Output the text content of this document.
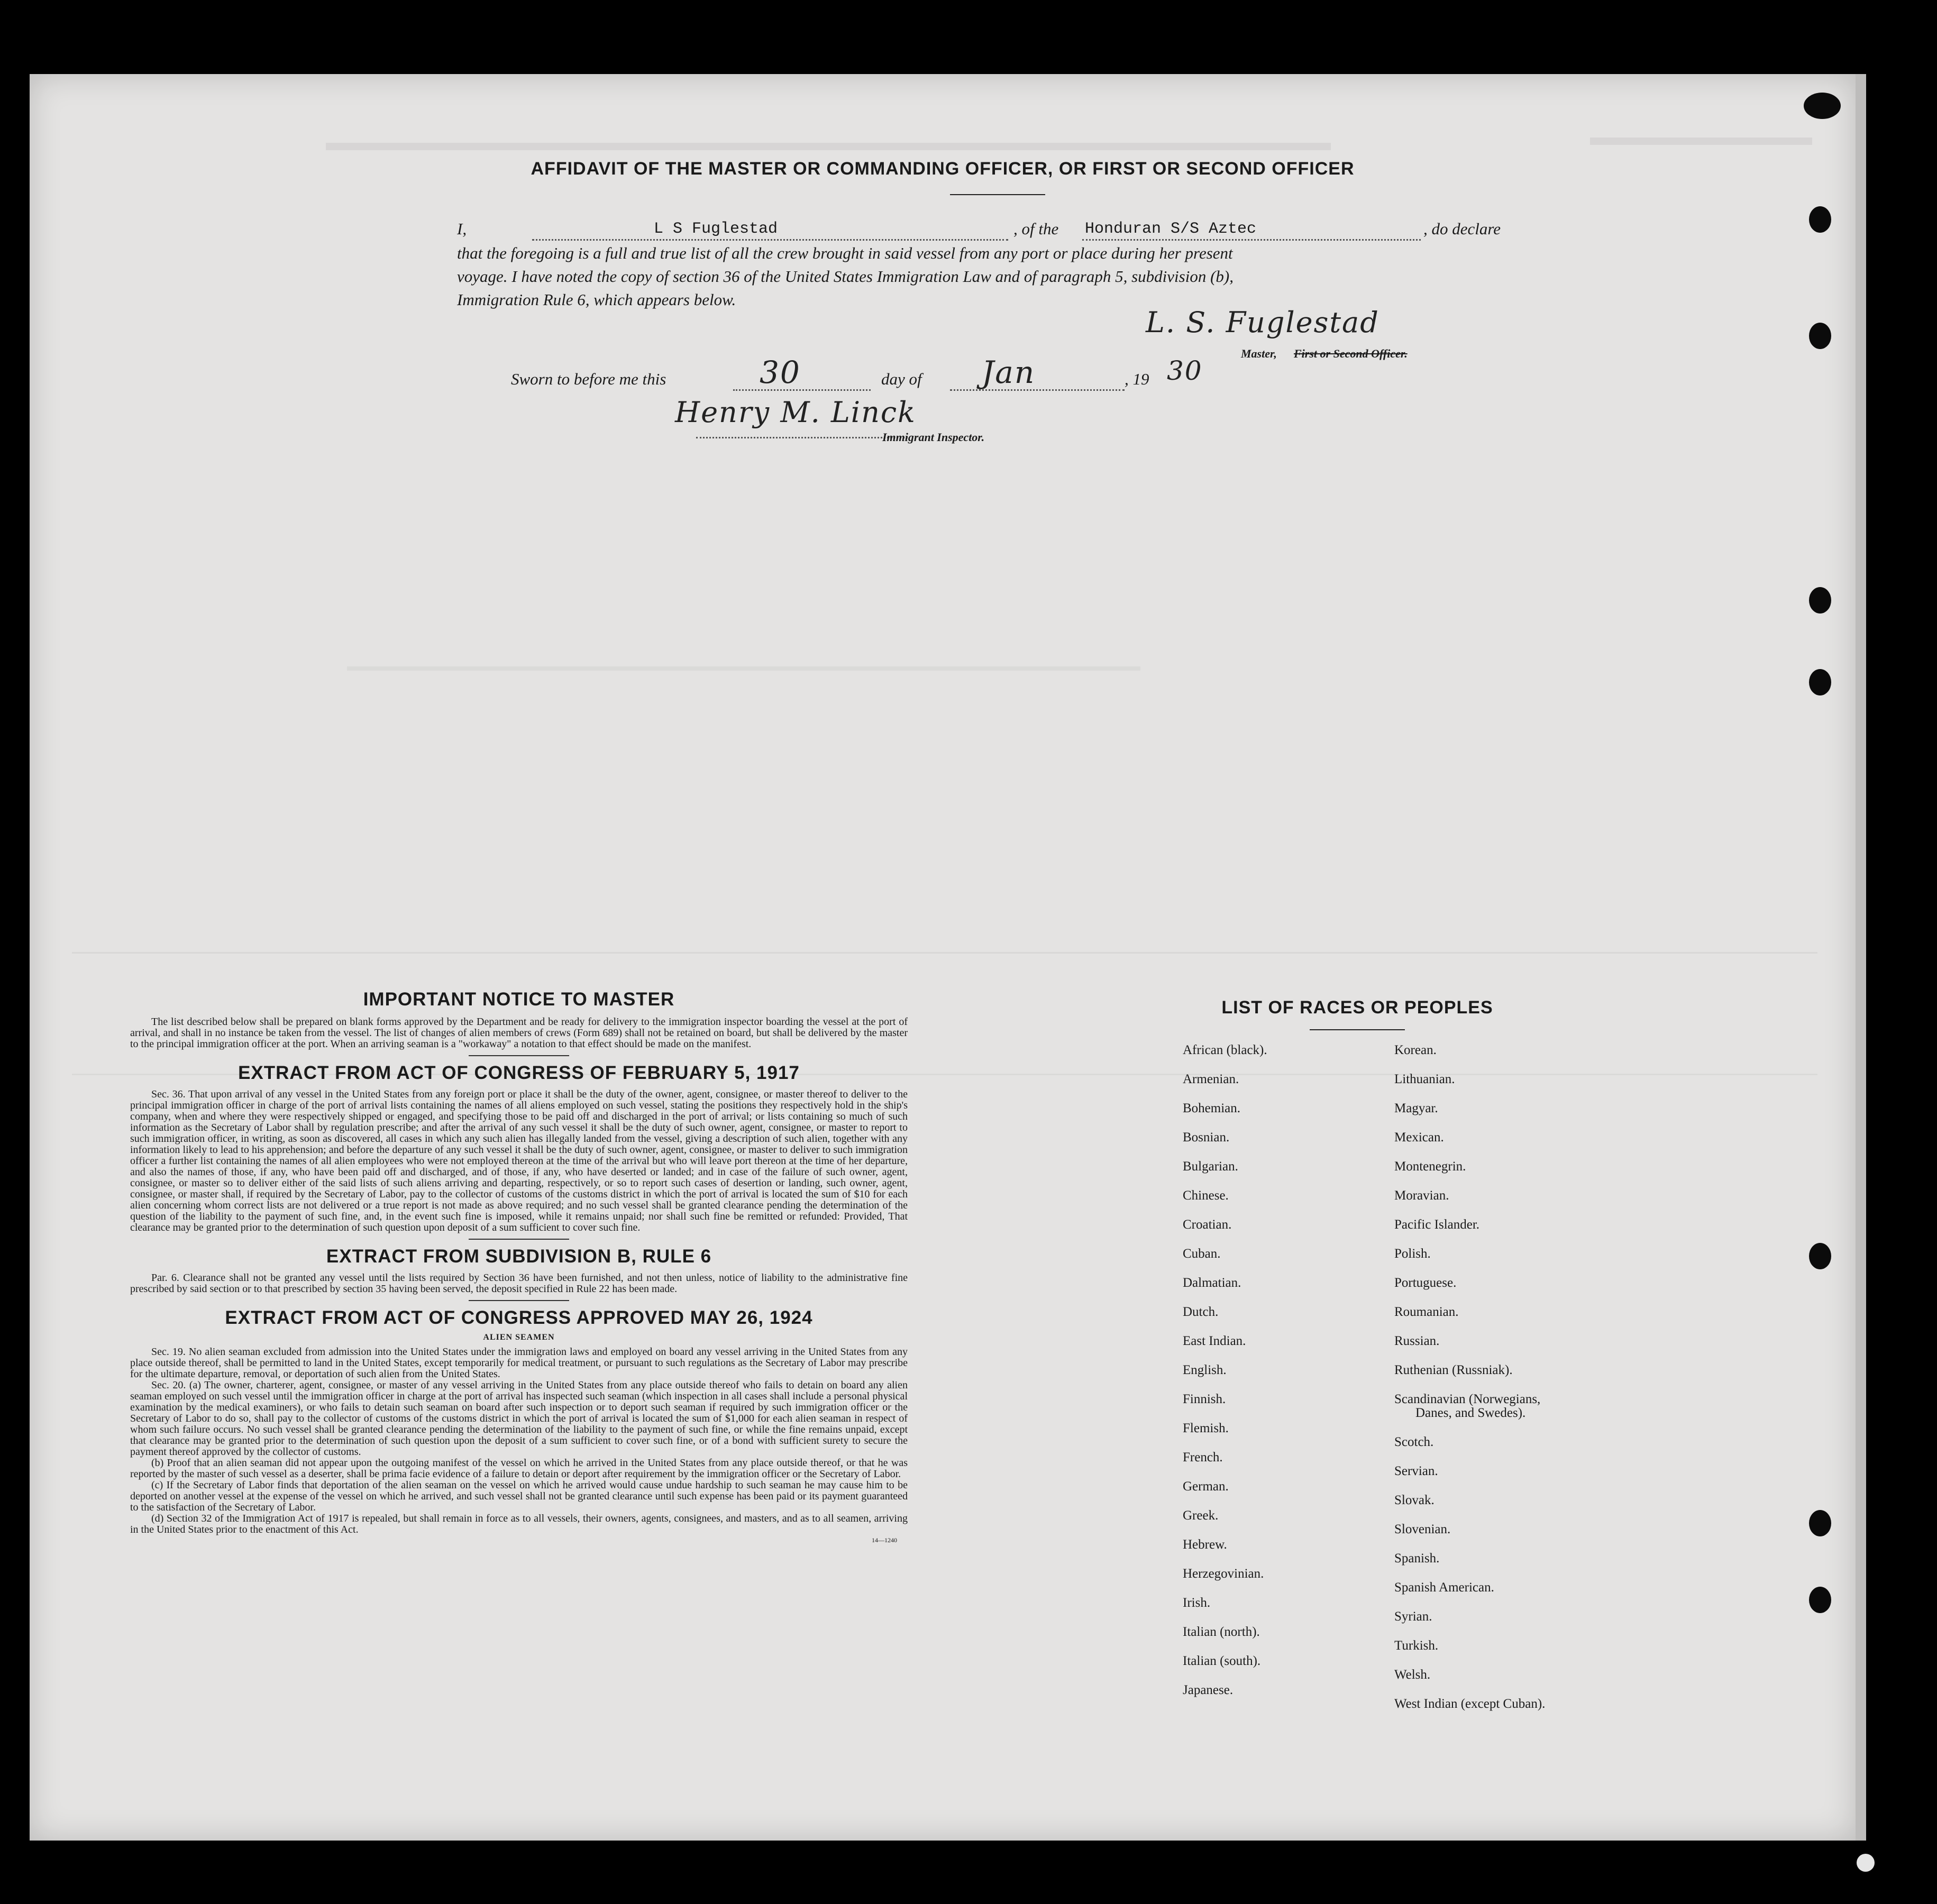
AFFIDAVIT OF THE MASTER OR COMMANDING OFFICER, OR FIRST OR SECOND OFFICER
I,	L S Fuglestad	, of the Honduran S/S Aztec	, do declare
that the foregoing is a full and true list of all the crew brought in said vessel from any port or place during her present
voyage. I have noted the copy of section 36 of the United States Immigration Law and of paragraph 5, subdivision (b),
Immigration Rule 6, which appears below.
L. S. Fuglestad
Master, First or Second Officer.
Sworn to before me this	30	day of Jan	, 19 30
Henry M. Linck
Immigrant Inspector.
IMPORTANT NOTICE TO MASTER
The list described below shall be prepared on blank forms approved by the Department and be ready for delivery to the immigration inspector boarding the vessel at the port of arrival, and shall in no instance be taken from the vessel. The list of changes of alien members of crews (Form 689) shall not be retained on board, but shall be delivered by the master to the principal immigration officer at the port. When an arriving seaman is a "workaway" a notation to that effect should be made on the manifest.
EXTRACT FROM ACT OF CONGRESS OF FEBRUARY 5, 1917
Sec. 36. That upon arrival of any vessel in the United States from any foreign port or place it shall be the duty of the owner, agent, consignee, or master thereof to deliver to the principal immigration officer in charge of the port of arrival lists containing the names of all aliens employed on such vessel, stating the positions they respectively hold in the ship's company, when and where they were respectively shipped or engaged, and specifying those to be paid off and discharged in the port of arrival; or lists containing so much of such information as the Secretary of Labor shall by regulation prescribe; and after the arrival of any such vessel it shall be the duty of such owner, agent, consignee, or master to report to such immigration officer, in writing, as soon as discovered, all cases in which any such alien has illegally landed from the vessel, giving a description of such alien, together with any information likely to lead to his apprehension; and before the departure of any such vessel it shall be the duty of such owner, agent, consignee, or master to deliver to such immigration officer a further list containing the names of all alien employees who were not employed thereon at the time of the arrival but who will leave port thereon at the time of her departure, and also the names of those, if any, who have been paid off and discharged, and of those, if any, who have deserted or landed; and in case of the failure of such owner, agent, consignee, or master so to deliver either of the said lists of such aliens arriving and departing, respectively, or so to report such cases of desertion or landing, such owner, agent, consignee, or master shall, if required by the Secretary of Labor, pay to the collector of customs of the customs district in which the port of arrival is located the sum of $10 for each alien concerning whom correct lists are not delivered or a true report is not made as above required; and no such vessel shall be granted clearance pending the determination of the question of the liability to the payment of such fine, and, in the event such fine is imposed, while it remains unpaid; nor shall such fine be remitted or refunded: Provided, That clearance may be granted prior to the determination of such question upon deposit of a sum sufficient to cover such fine.
EXTRACT FROM SUBDIVISION B, RULE 6
Par. 6. Clearance shall not be granted any vessel until the lists required by Section 36 have been furnished, and not then unless, notice of liability to the administrative fine prescribed by said section or to that prescribed by section 35 having been served, the deposit specified in Rule 22 has been made.
EXTRACT FROM ACT OF CONGRESS APPROVED MAY 26, 1924
ALIEN SEAMEN
Sec. 19. No alien seaman excluded from admission into the United States under the immigration laws and employed on board any vessel arriving in the United States from any place outside thereof, shall be permitted to land in the United States, except temporarily for medical treatment, or pursuant to such regulations as the Secretary of Labor may prescribe for the ultimate departure, removal, or deportation of such alien from the United States.
Sec. 20. (a) The owner, charterer, agent, consignee, or master of any vessel arriving in the United States from any place outside thereof who fails to detain on board any alien seaman employed on such vessel until the immigration officer in charge at the port of arrival has inspected such seaman (which inspection in all cases shall include a personal physical examination by the medical examiners), or who fails to detain such seaman on board after such inspection or to deport such seaman if required by such immigration officer or the Secretary of Labor to do so, shall pay to the collector of customs of the customs district in which the port of arrival is located the sum of $1,000 for each alien seaman in respect of whom such failure occurs. No such vessel shall be granted clearance pending the determination of the liability to the payment of such fine, or while the fine remains unpaid, except that clearance may be granted prior to the determination of such question upon the deposit of a sum sufficient to cover such fine, or of a bond with sufficient surety to secure the payment thereof approved by the collector of customs.
(b) Proof that an alien seaman did not appear upon the outgoing manifest of the vessel on which he arrived in the United States from any place outside thereof, or that he was reported by the master of such vessel as a deserter, shall be prima facie evidence of a failure to detain or deport after requirement by the immigration officer or the Secretary of Labor.
(c) If the Secretary of Labor finds that deportation of the alien seaman on the vessel on which he arrived would cause undue hardship to such seaman he may cause him to be deported on another vessel at the expense of the vessel on which he arrived, and such vessel shall not be granted clearance until such expense has been paid or its payment guaranteed to the satisfaction of the Secretary of Labor.
(d) Section 32 of the Immigration Act of 1917 is repealed, but shall remain in force as to all vessels, their owners, agents, consignees, and masters, and as to all seamen, arriving in the United States prior to the enactment of this Act.
14—1240
LIST OF RACES OR PEOPLES
African (black).
Armenian.
Bohemian.
Bosnian.
Bulgarian.
Chinese.
Croatian.
Cuban.
Dalmatian.
Dutch.
East Indian.
English.
Finnish.
Flemish.
French.
German.
Greek.
Hebrew.
Herzegovinian.
Irish.
Italian (north).
Italian (south).
Japanese.
Korean.
Lithuanian.
Magyar.
Mexican.
Montenegrin.
Moravian.
Pacific Islander.
Polish.
Portuguese.
Roumanian.
Russian.
Ruthenian (Russniak).
Scandinavian (Norwegians,
Danes, and Swedes).
Scotch.
Servian.
Slovak.
Slovenian.
Spanish.
Spanish American.
Syrian.
Turkish.
Welsh.
West Indian (except Cuban).
